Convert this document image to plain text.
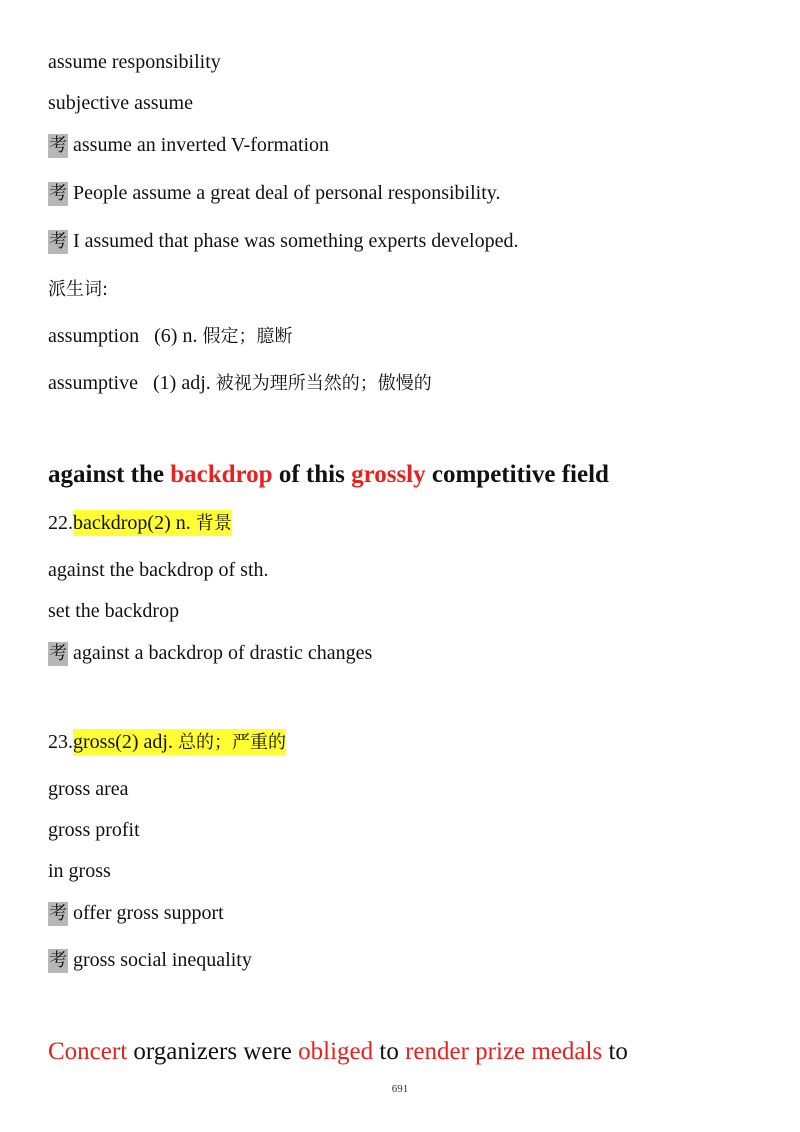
assume responsibility
subjective assume
考 assume an inverted V-formation
考 People assume a great deal of personal responsibility.
考 I assumed that phase was something experts developed.
派生词:
assumption (6) n. 假定；臆断
assumptive (1) adj. 被视为理所当然的；傲慢的
against the backdrop of this grossly competitive field
22.backdrop(2) n. 背景
against the backdrop of sth.
set the backdrop
考 against a backdrop of drastic changes
23.gross(2) adj. 总的；严重的
gross area
gross profit
in gross
考 offer gross support
考 gross social inequality
Concert organizers were obliged to render prize medals to
691
